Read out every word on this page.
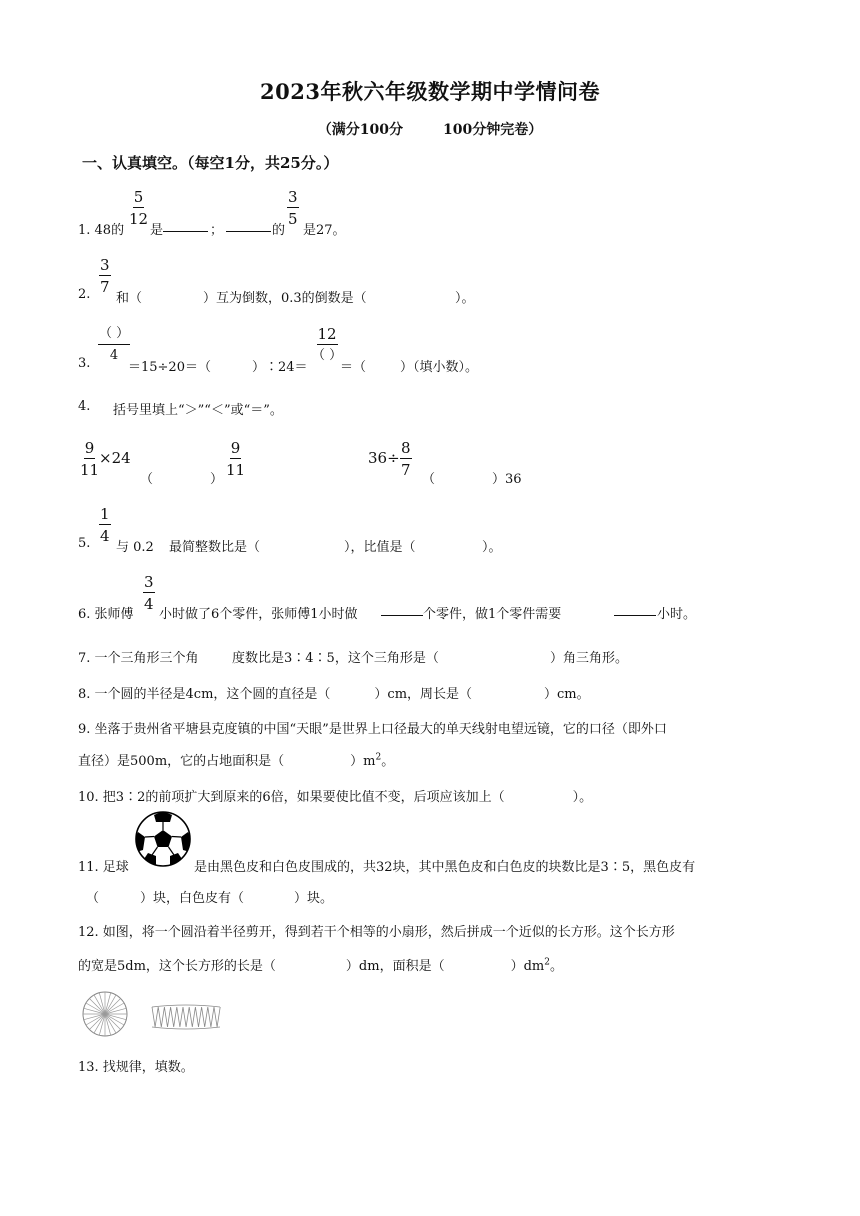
2023年秋六年级数学期中学情问卷
（满分100分	100分钟完卷）
一、认真填空。（每空1分，共25分。）
1. 48的
$\frac{5}{12}$
是	；	的
$\frac{3}{5}$
是27。
2. $\frac{3}{7}$
和（	）互为倒数，0.3的倒数是（	）。
3.
（ ）
4
＝15÷20＝（	）∶24＝
12
（ ）
＝（	）（填小数）。
4. 括号里填上“＞”“＜”或“＝”。
$\frac{9}{11} \times 24$
（	）
$\frac{9}{11}$	$36\div \frac{8}{7}$
（	）36
5. $\frac{1}{4}$
与 0.2 最简整数比是（	），比值是（	）。
6. 张师傅
$\frac{3}{4}$
小时做了6个零件，张师傅1小时做	个零件，做1个零件需要	小时。
7. 一个三角形三个角	度数比是3∶4∶5，这个三角形是（	）角三角形。
8. 一个圆的半径是4cm，这个圆的直径是（	）cm，周长是（	）cm。
9. 坐落于贵州省平塘县克度镇的中国“天眼”是世界上口径最大的单天线射电望远镜，它的口径（即外口
直径）是500m，它的占地面积是（	）$m^2$。
10. 把3∶2的前项扩大到原来的6倍，如果要使比值不变，后项应该加上（	）。
11. 足球	是由黑色皮和白色皮围成的，共32块，其中黑色皮和白色皮的块数比是3∶5，黑色皮有
（	）块，白色皮有（	）块。
12. 如图，将一个圆沿着半径剪开，得到若干个相等的小扇形，然后拼成一个近似的长方形。这个长方形
的宽是5dm，这个长方形的长是（	）dm，面积是（	）$dm^2$。
13. 找规律，填数。
